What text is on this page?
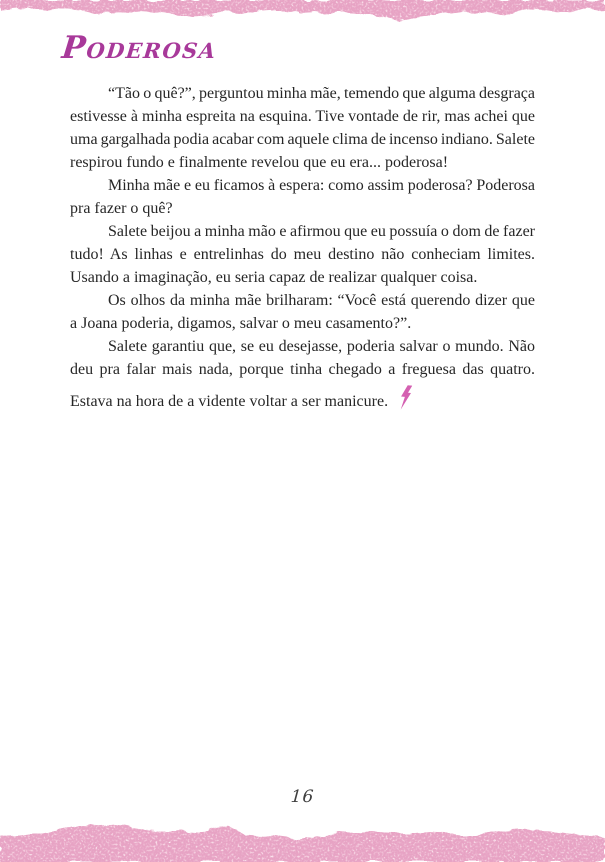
PODEROSA
“Tão o quê?”, perguntou minha mãe, temendo que alguma desgraça
estivesse à minha espreita na esquina. Tive vontade de rir, mas achei que
uma gargalhada podia acabar com aquele clima de incenso indiano. Salete
respirou fundo e finalmente revelou que eu era... poderosa!
Minha mãe e eu ficamos à espera: como assim poderosa? Poderosa
pra fazer o quê?
Salete beijou a minha mão e afirmou que eu possuía o dom de fazer
tudo! As linhas e entrelinhas do meu destino não conheciam limites.
Usando a imaginação, eu seria capaz de realizar qualquer coisa.
Os olhos da minha mãe brilharam: “Você está querendo dizer que
a Joana poderia, digamos, salvar o meu casamento?”.
Salete garantiu que, se eu desejasse, poderia salvar o mundo. Não
deu pra falar mais nada, porque tinha chegado a freguesa das quatro.
Estava na hora de a vidente voltar a ser manicure.
16
